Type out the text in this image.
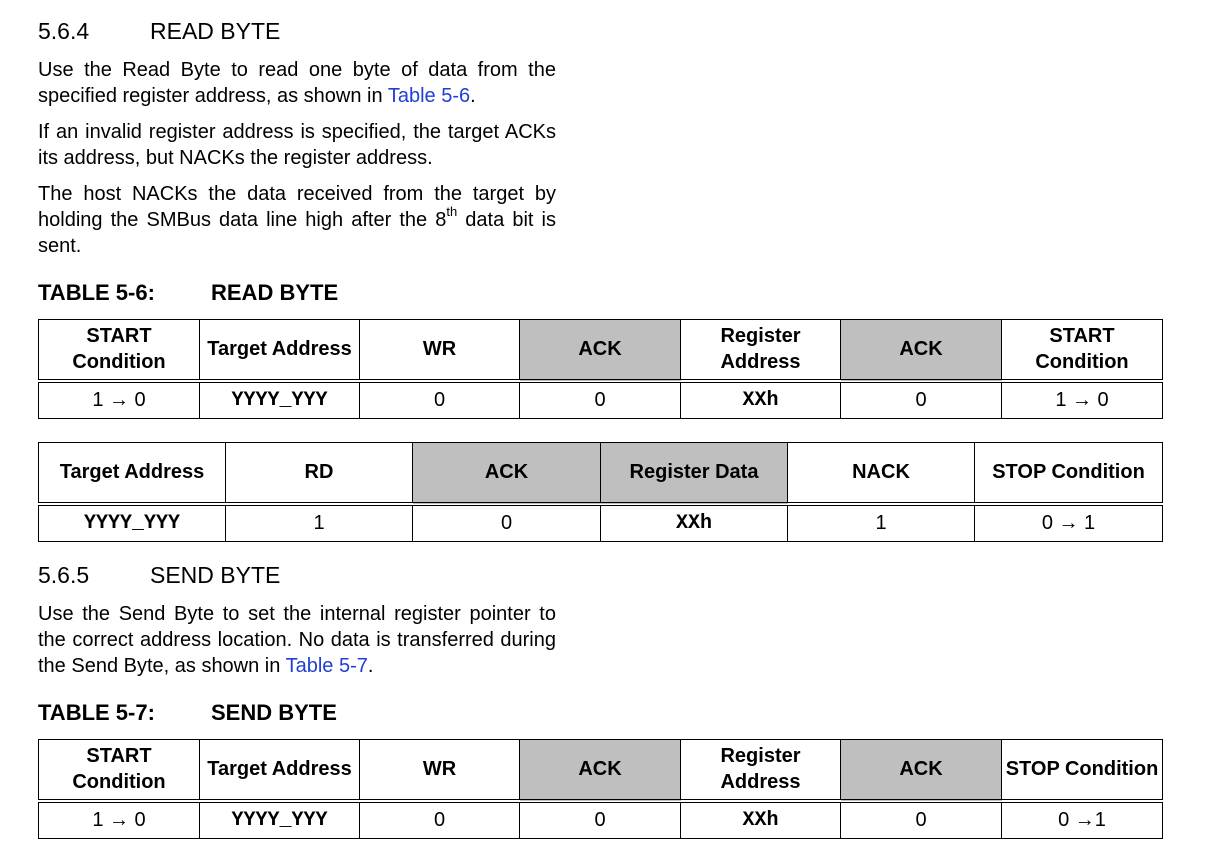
5.6.4	READ BYTE
Use the Read Byte to read one byte of data from the specified register address, as shown in Table 5-6.
If an invalid register address is specified, the target ACKs its address, but NACKs the register address.
The host NACKs the data received from the target by holding the SMBus data line high after the 8th data bit is sent.
TABLE 5-6:	READ BYTE
START Condition	Target Address	WR	ACK	Register Address	ACK	START Condition
1 → 0	YYYY_YYY	0	0	XXh	0	1 → 0
Target Address	RD	ACK	Register Data	NACK	STOP Condition
YYYY_YYY	1	0	XXh	1	0 → 1
5.6.5	SEND BYTE
Use the Send Byte to set the internal register pointer to the correct address location. No data is transferred during the Send Byte, as shown in Table 5-7.
TABLE 5-7:	SEND BYTE
START Condition	Target Address	WR	ACK	Register Address	ACK	STOP Condition
1 → 0	YYYY_YYY	0	0	XXh	0	0 →1
